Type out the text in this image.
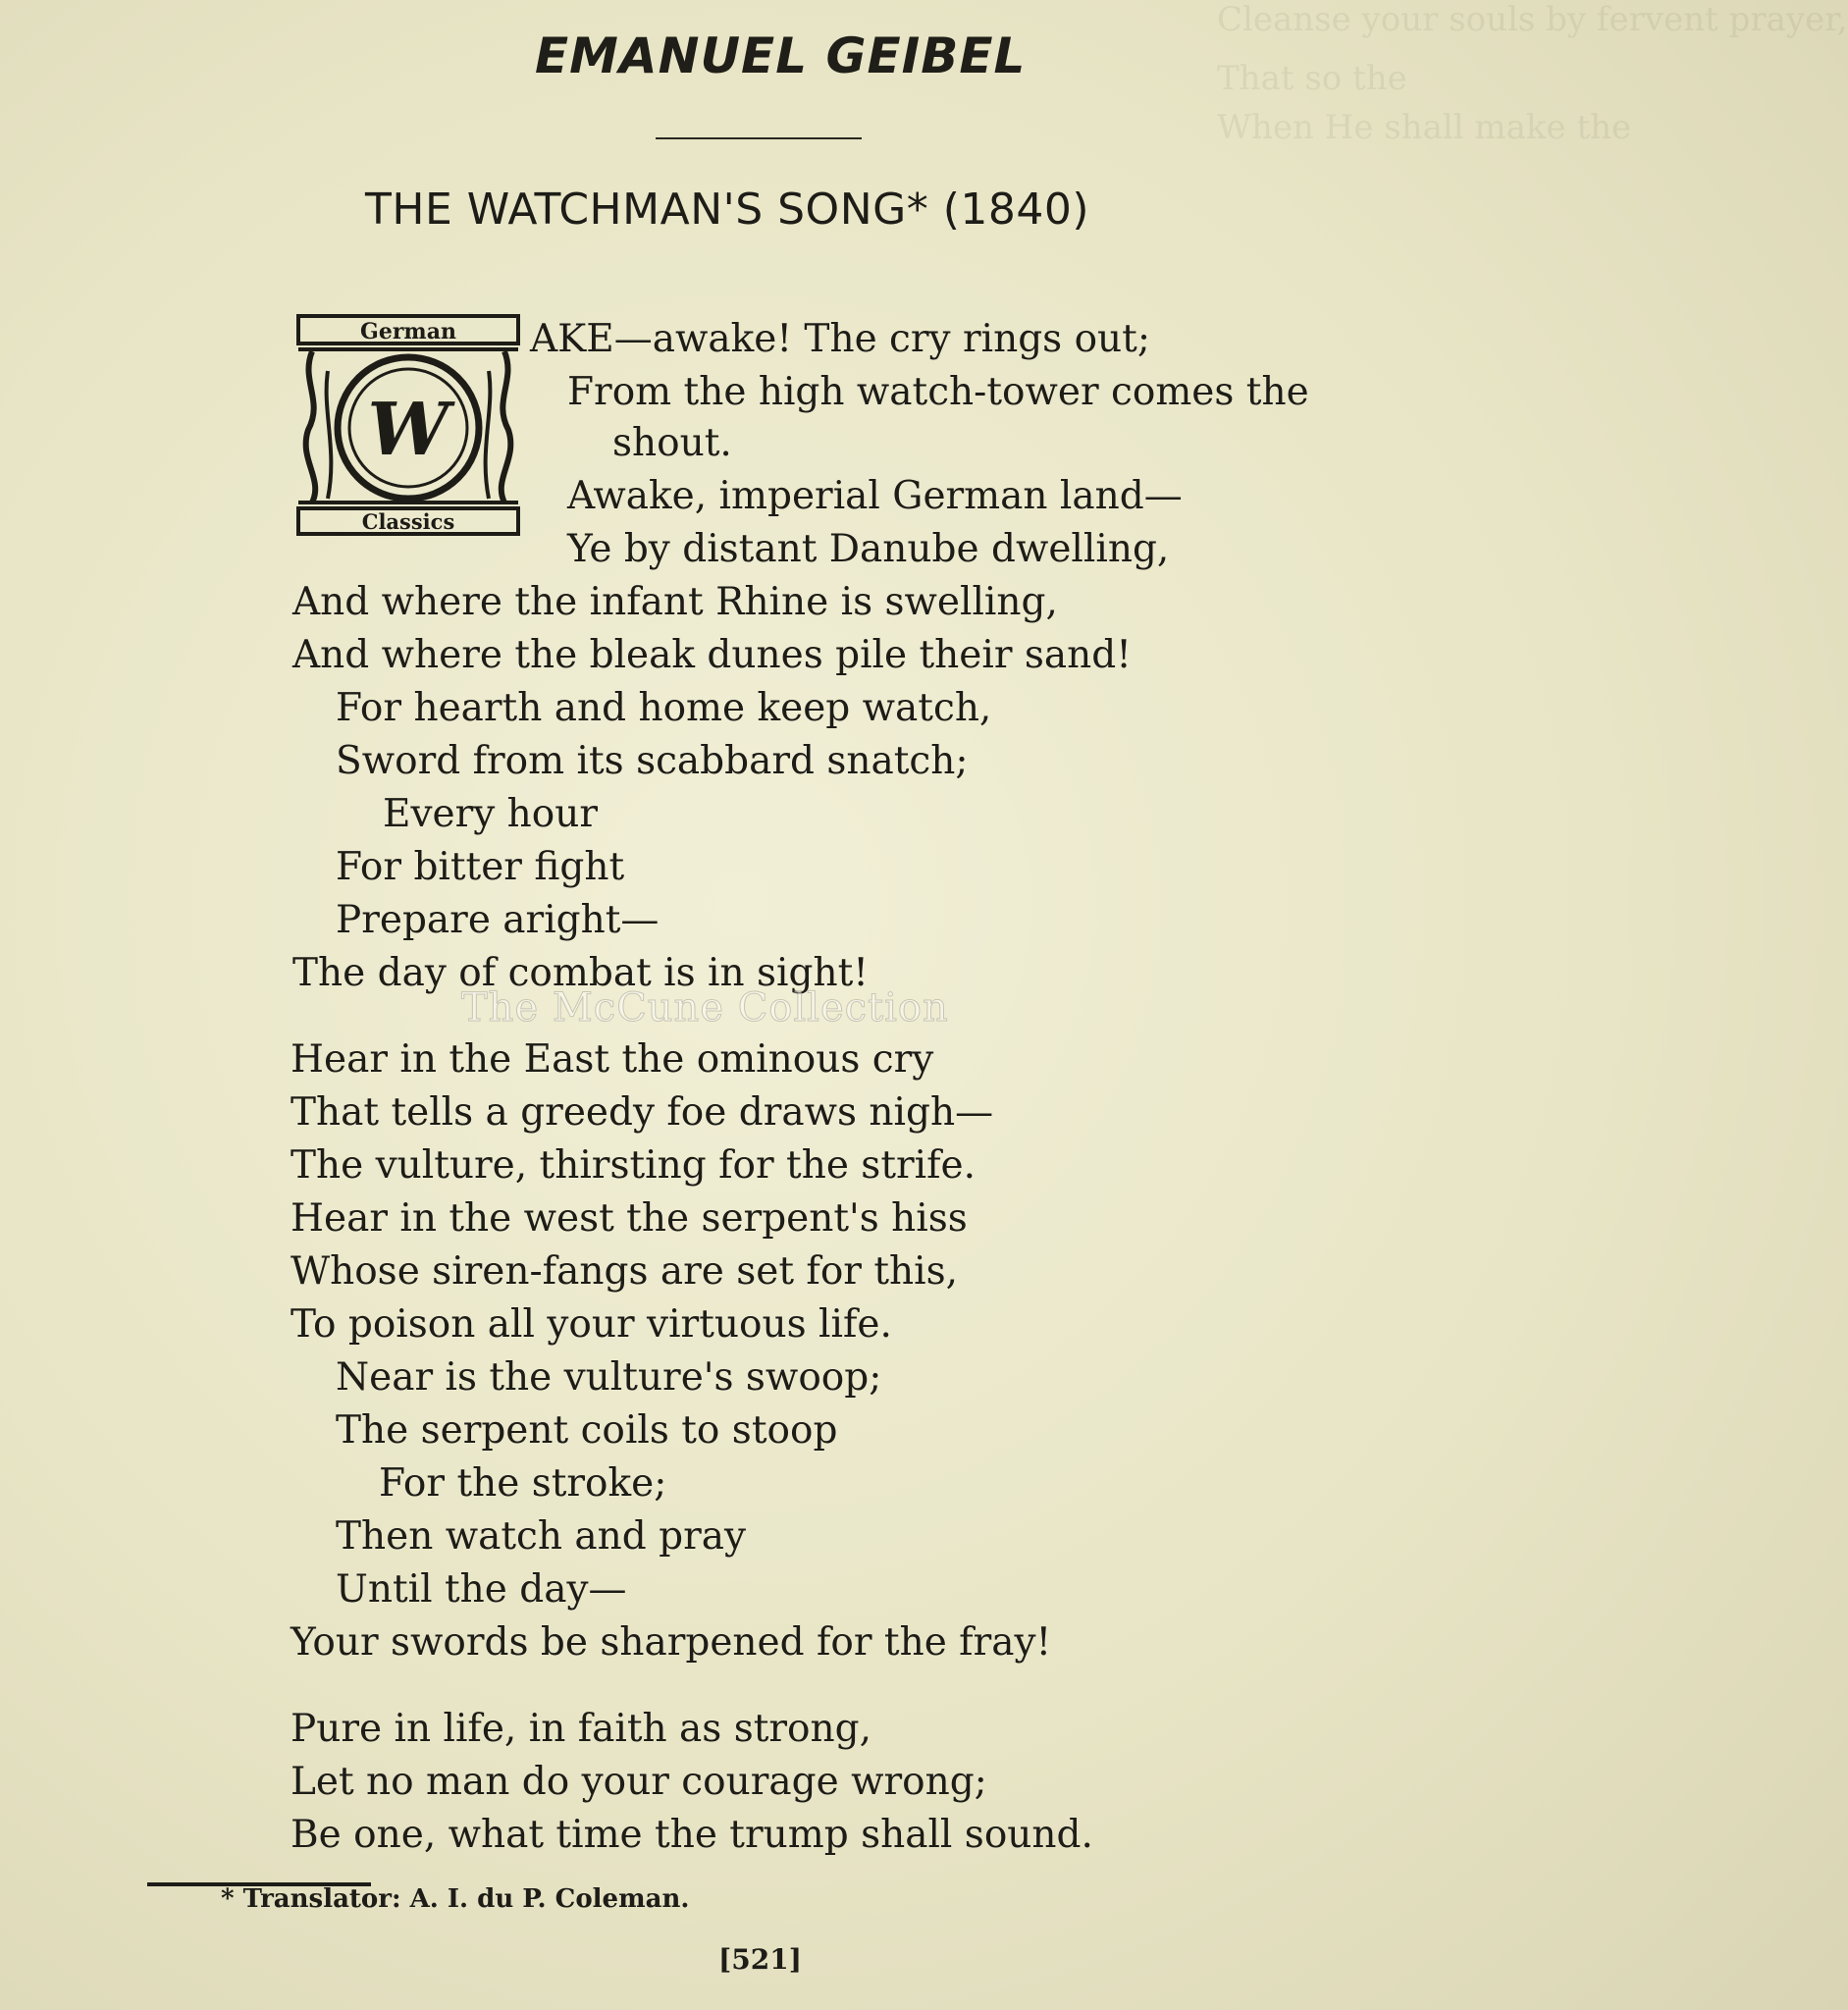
Cleanse your souls by fervent prayer,
That so the
When He shall make the
EMANUEL GEIBEL
THE WATCHMAN'S SONG* (1840)
German
W
Classics
AKE—awake! The cry rings out;
From the high watch-tower comes the
shout.
Awake, imperial German land—
Ye by distant Danube dwelling,
And where the infant Rhine is swelling,
And where the bleak dunes pile their sand!
For hearth and home keep watch,
Sword from its scabbard snatch;
Every hour
For bitter fight
Prepare aright—
The day of combat is in sight!
Hear in the East the ominous cry
That tells a greedy foe draws nigh—
The vulture, thirsting for the strife.
Hear in the west the serpent's hiss
Whose siren-fangs are set for this,
To poison all your virtuous life.
Near is the vulture's swoop;
The serpent coils to stoop
For the stroke;
Then watch and pray
Until the day—
Your swords be sharpened for the fray!
Pure in life, in faith as strong,
Let no man do your courage wrong;
Be one, what time the trump shall sound.
The McCune Collection
* Translator: A. I. du P. Coleman.
[521]
